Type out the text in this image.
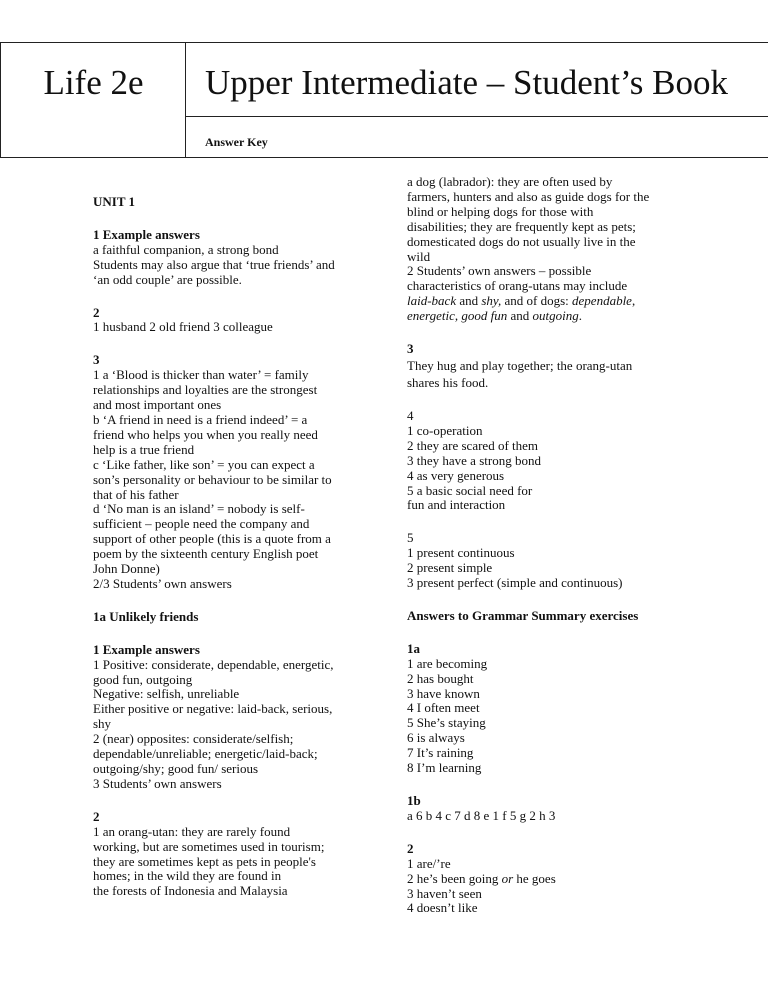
Life 2e	Upper Intermediate – Student’s Book
Answer Key
UNIT 1
1 Example answers
a faithful companion, a strong bond
Students may also argue that ‘true friends’ and
‘an odd couple’ are possible.
2
1 husband 2 old friend 3 colleague
3
1 a ‘Blood is thicker than water’ = family
relationships and loyalties are the strongest
and most important ones
b ‘A friend in need is a friend indeed’ = a
friend who helps you when you really need
help is a true friend
c ‘Like father, like son’ = you can expect a
son’s personality or behaviour to be similar to
that of his father
d ‘No man is an island’ = nobody is self-
sufficient – people need the company and
support of other people (this is a quote from a
poem by the sixteenth century English poet
John Donne)
2/3 Students’ own answers
1a Unlikely friends
1 Example answers
1 Positive: considerate, dependable, energetic,
good fun, outgoing
Negative: selfish, unreliable
Either positive or negative: laid-back, serious,
shy
2 (near) opposites: considerate/selfish;
dependable/unreliable; energetic/laid-back;
outgoing/shy; good fun/ serious
3 Students’ own answers
2
1 an orang-utan: they are rarely found
working, but are sometimes used in tourism;
they are sometimes kept as pets in people's
homes; in the wild they are found in
the forests of Indonesia and Malaysia
a dog (labrador): they are often used by
farmers, hunters and also as guide dogs for the
blind or helping dogs for those with
disabilities; they are frequently kept as pets;
domesticated dogs do not usually live in the
wild
2 Students’ own answers – possible
characteristics of orang-utans may include
laid-back and shy, and of dogs: dependable,
energetic, good fun and outgoing.
3
They hug and play together; the orang-utan
shares his food.
4
1 co-operation
2 they are scared of them
3 they have a strong bond
4 as very generous
5 a basic social need for
fun and interaction
5
1 present continuous
2 present simple
3 present perfect (simple and continuous)
Answers to Grammar Summary exercises
1a
1 are becoming
2 has bought
3 have known
4 I often meet
5 She’s staying
6 is always
7 It’s raining
8 I’m learning
1b
a 6 b 4 c 7 d 8 e 1 f 5 g 2 h 3
2
1 are/’re
2 he’s been going or he goes
3 haven’t seen
4 doesn’t like
